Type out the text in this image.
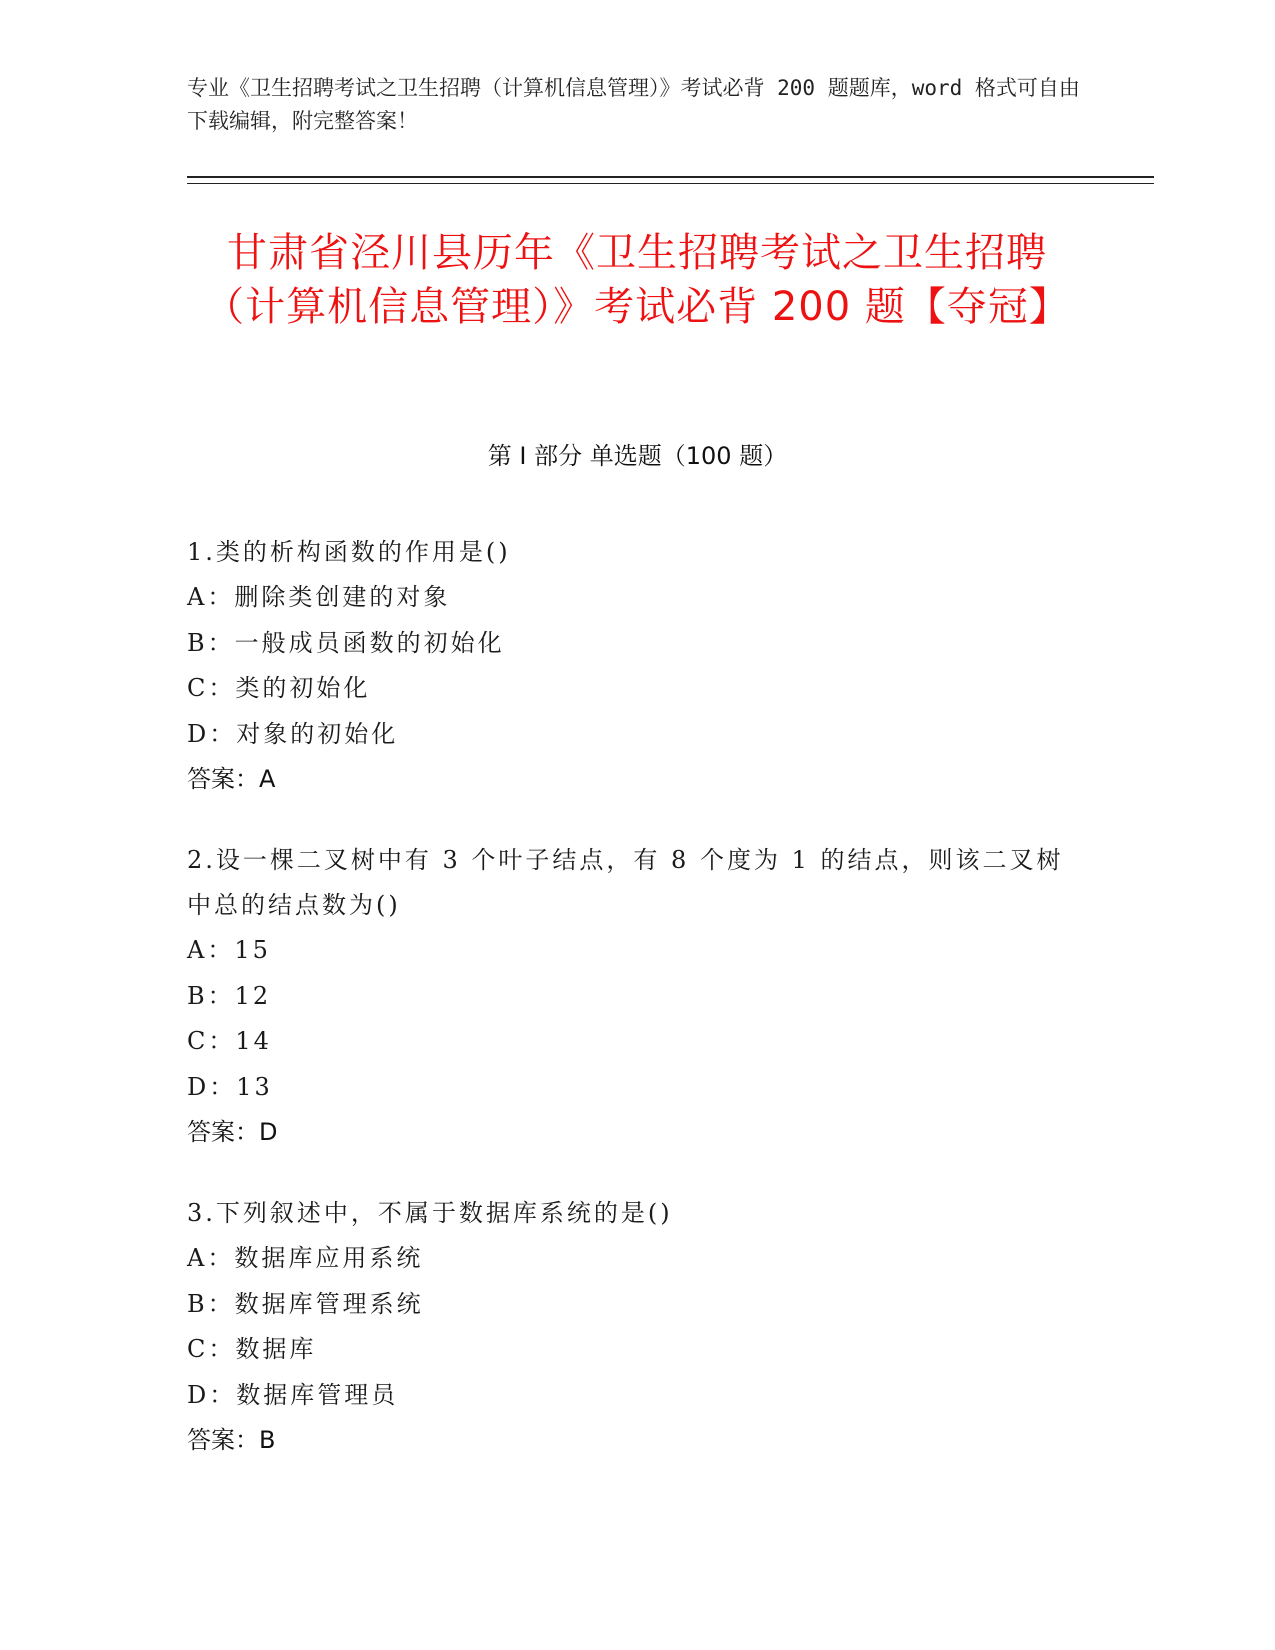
专业《卫生招聘考试之卫生招聘（计算机信息管理）》考试必背 200 题题库，word 格式可自由下载编辑，附完整答案！
甘肃省泾川县历年《卫生招聘考试之卫生招聘（计算机信息管理）》考试必背 200 题【夺冠】
第 I 部分 单选题（100 题）

1.类的析构函数的作用是()

A：删除类创建的对象

B：一般成员函数的初始化

C：类的初始化

D：对象的初始化

答案：A

2.设一棵二叉树中有 3 个叶子结点，有 8 个度为 1 的结点，则该二叉树中总的结点数为()

A：15

B：12

C：14

D：13

答案：D

3.下列叙述中，不属于数据库系统的是()

A：数据库应用系统

B：数据库管理系统

C：数据库

D：数据库管理员

答案：B
